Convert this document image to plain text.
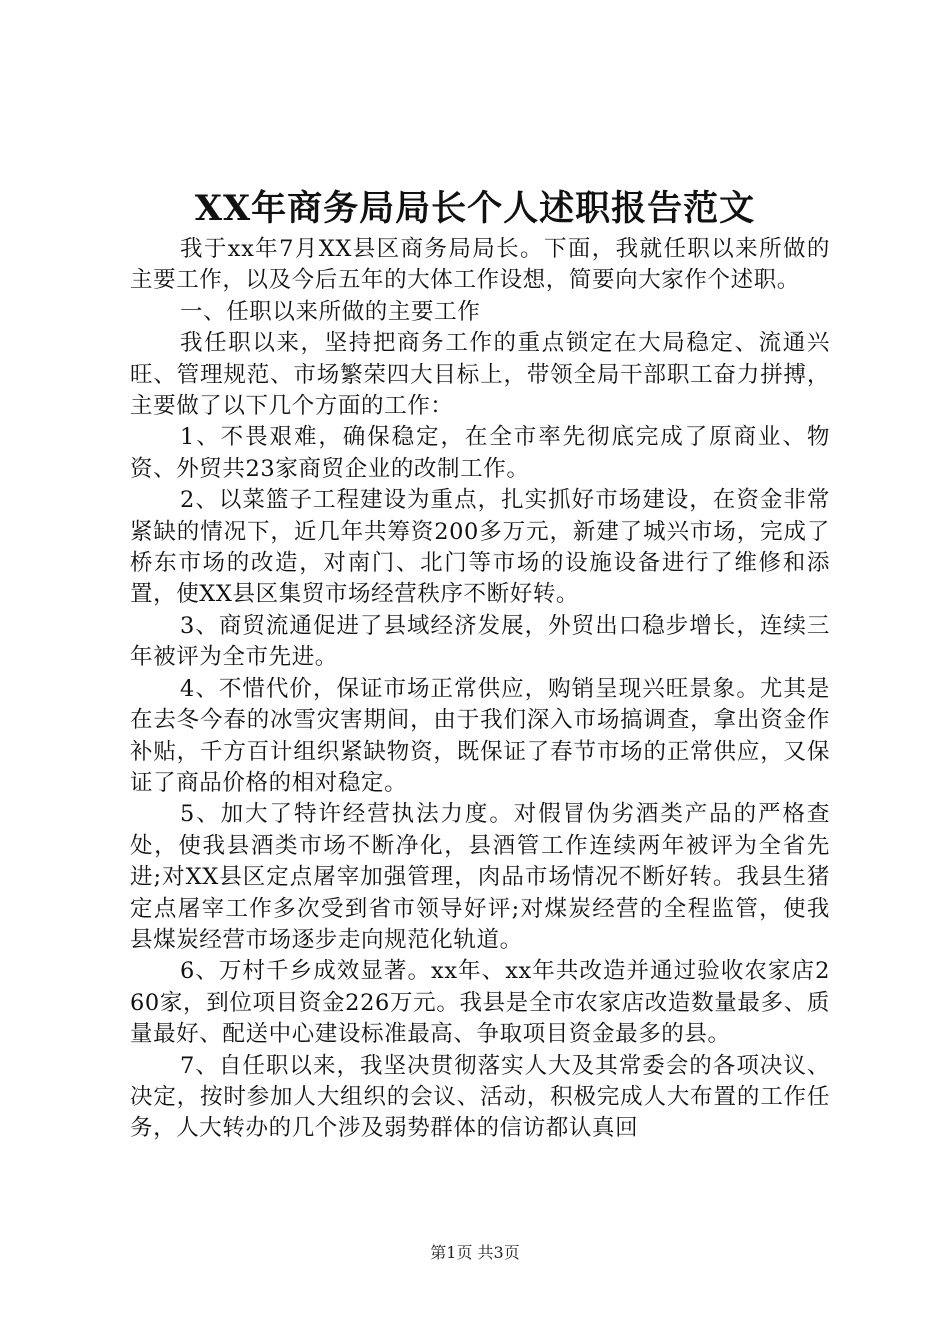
XX年商务局局长个人述职报告范文

我于xx年7月XX县区商务局局长。下面，我就任职以来所做的主要工作，以及今后五年的大体工作设想，简要向大家作个述职。

一、任职以来所做的主要工作

我任职以来，坚持把商务工作的重点锁定在大局稳定、流通兴旺、管理规范、市场繁荣四大目标上，带领全局干部职工奋力拼搏，主要做了以下几个方面的工作：

1、不畏艰难，确保稳定，在全市率先彻底完成了原商业、物资、外贸共23家商贸企业的改制工作。

2、以菜篮子工程建设为重点，扎实抓好市场建设，在资金非常紧缺的情况下，近几年共筹资200多万元，新建了城兴市场，完成了桥东市场的改造，对南门、北门等市场的设施设备进行了维修和添置，使XX县区集贸市场经营秩序不断好转。

3、商贸流通促进了县域经济发展，外贸出口稳步增长，连续三年被评为全市先进。

4、不惜代价，保证市场正常供应，购销呈现兴旺景象。尤其是在去冬今春的冰雪灾害期间，由于我们深入市场搞调查，拿出资金作补贴，千方百计组织紧缺物资，既保证了春节市场的正常供应，又保证了商品价格的相对稳定。

5、加大了特许经营执法力度。对假冒伪劣酒类产品的严格查处，使我县酒类市场不断净化，县酒管工作连续两年被评为全省先进;对XX县区定点屠宰加强管理，肉品市场情况不断好转。我县生猪定点屠宰工作多次受到省市领导好评;对煤炭经营的全程监管，使我县煤炭经营市场逐步走向规范化轨道。

6、万村千乡成效显著。xx年、xx年共改造并通过验收农家店260家，到位项目资金226万元。我县是全市农家店改造数量最多、质量最好、配送中心建设标准最高、争取项目资金最多的县。

7、自任职以来，我坚决贯彻落实人大及其常委会的各项决议、决定，按时参加人大组织的会议、活动，积极完成人大布置的工作任务，人大转办的几个涉及弱势群体的信访都认真回

第1页 共3页
